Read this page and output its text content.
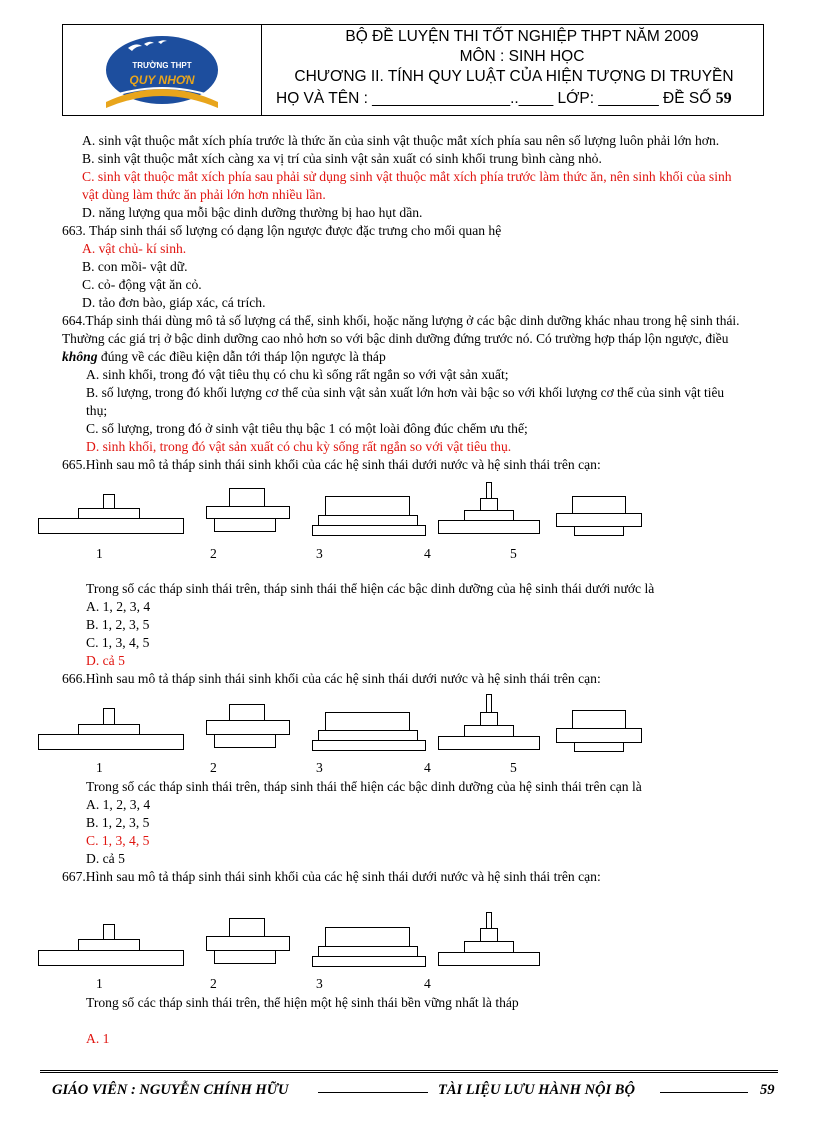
TRƯỜNG THPT
QUY NHƠN
BỘ ĐỀ LUYỆN THI TỐT NGHIỆP THPT NĂM 2009
MÔN : SINH HỌC
CHƯƠNG II. TÍNH QUY LUẬT CỦA HIỆN TƯỢNG DI TRUYỀN
HỌ VÀ TÊN : ________________..____ LỚP: _______ ĐỀ SỐ 59
A. sinh vật thuộc mắt xích phía trước là thức ăn của sinh vật thuộc mắt xích phía sau nên số lượng luôn phải lớn hơn.
B. sinh vật thuộc mắt xích càng xa vị trí của sinh vật sản xuất có sinh khối trung bình càng nhỏ.
C. sinh vật thuộc mắt xích phía sau phải sử dụng sinh vật thuộc mắt xích phía trước làm thức ăn, nên sinh khối của sinh
vật dùng làm thức ăn phải lớn hơn nhiều lần.
D. năng lượng qua mỗi bậc dinh dưỡng thường bị hao hụt dần.
663. Tháp sinh thái số lượng có dạng lộn ngược được đặc trưng cho mối quan hệ
A. vật chủ- kí sinh.
B. con mồi- vật dữ.
C. cỏ- động vật ăn cỏ.
D. tảo đơn bào, giáp xác, cá trích.
664.Tháp sinh thái dùng mô tả số lượng cá thể, sinh khối, hoặc năng lượng ở các bậc dinh dưỡng khác nhau trong hệ sinh thái.
Thường các giá trị ở bậc dinh dưỡng cao nhỏ hơn so với bậc dinh dưỡng đứng trước nó. Có trường hợp tháp lộn ngược, điều
không đúng về các điều kiện dẫn tới tháp lộn ngược là tháp
A. sinh khối, trong đó vật tiêu thụ có chu kì sống rất ngắn so với vật sản xuất;
B. số lượng, trong đó khối lượng cơ thể của sinh vật sản xuất lớn hơn vài bậc so với khối lượng cơ thể của sinh vật tiêu
thụ;
C. số lượng, trong đó ở sinh vật tiêu thụ bậc 1 có một loài đông đúc chếm ưu thế;
D. sinh khối, trong đó vật sản xuất có chu kỳ sống rất ngắn so với vật tiêu thụ.
665.Hình sau mô tả tháp sinh thái sinh khối của các hệ sinh thái dưới nước và hệ sinh thái trên cạn:
1	2	3	4	5
Trong số các tháp sinh thái trên, tháp sinh thái thể hiện các bậc dinh dưỡng của hệ sinh thái dưới nước là
A. 1, 2, 3, 4
B. 1, 2, 3, 5
C. 1, 3, 4, 5
D. cả 5
666.Hình sau mô tả tháp sinh thái sinh khối của các hệ sinh thái dưới nước và hệ sinh thái trên cạn:
1	2	3	4	5
Trong số các tháp sinh thái trên, tháp sinh thái thể hiện các bậc dinh dưỡng của hệ sinh thái trên cạn là
A. 1, 2, 3, 4
B. 1, 2, 3, 5
C. 1, 3, 4, 5
D. cả 5
667.Hình sau mô tả tháp sinh thái sinh khối của các hệ sinh thái dưới nước và hệ sinh thái trên cạn:
1	2	3	4
Trong số các tháp sinh thái trên, thể hiện một hệ sinh thái bền vững nhất là tháp
A. 1
GIÁO VIÊN : NGUYỄN CHÍNH HỮU	TÀI LIỆU LƯU HÀNH NỘI BỘ	59
